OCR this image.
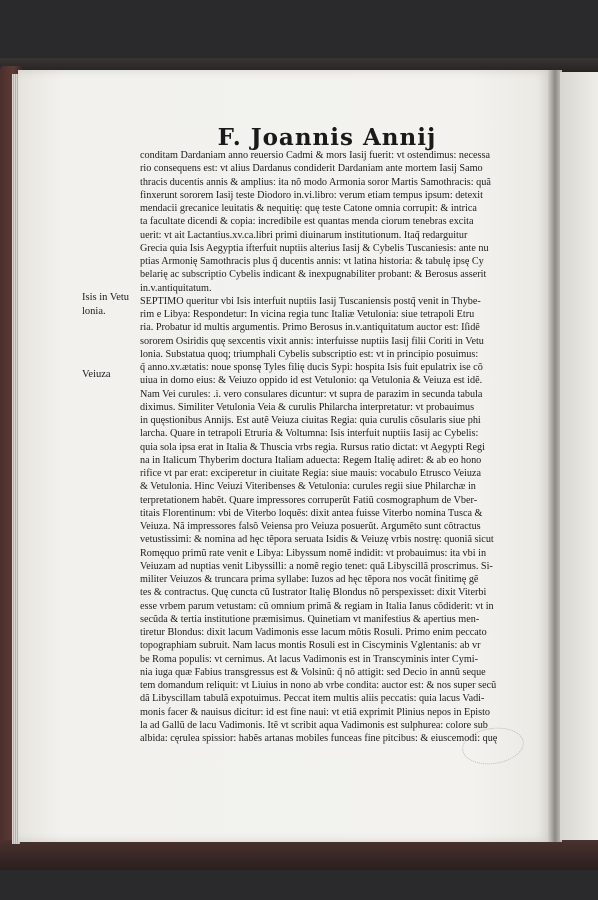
F. Joannis Annij
Isis in Vetu
lonia.
Veiuza
conditam Dardaniam anno reuersio Cadmi & mors Iasij fuerit: vt ostendimus: necessa
rio consequens est: vt alius Dardanus condiderit Dardaniam ante mortem Iasij Samo
thracis ducentis annis & ampliusː ita nõ modo Armonia soror Martis Samothracis: quã
finxerunt sororem Iasij teste Diodoro in.vi.libro: verum etiam tempus ipsum: detexit
mendacii grecanice leuitatis & nequitię: quę teste Catone omnia corrupit: & intrica
ta facultate dicendi & copia: incredibile est quantas menda ciorum tenebras excita
uerit: vt ait Lactantius.xv.ca.libri primi diuinarum institutionum. Itaq̃ redarguitur
Grecia quia Isis Aegyptia ifterfuit nuptiis alterius Iasij & Cybelis Tuscaniesis: ante nu
ptias Armonię Samothracis plus q̃ ducentis annis: vt latina historia: & tabulę ipsę Cy
belarię ac subscriptio Cybelis indicant & inexpugnabiliter probant: & Berosus asserit
in.v.antiquitatum.
SEPTIMO queritur vbi Isis interfuit nuptiis Iasij Tuscaniensis postq̃ venit in Thybe-
rim e Libya: Respondetur: In vicina regia tunc Italiæ Vetulonia: siue tetrapoli Etru
ria. Probatur id multis argumentis. Primo Berosus in.v.antiquitatum auctor est: Iſidẽ
sororem Osiridis quę sexcentis vixit annis: interfuisse nuptiis Iasij filii Coriti in Vetu
lonia. Substatua quoq; triumphali Cybelis subscriptio est: vt in principio posuimus:
q̃ anno.xv.ætatis: noue sponsę Tyles filię ducis Sypi: hospita Isis fuit epulatrix ise cõ
uiua in domo eius: & Veiuzo oppido id est Vetulonio: qa Vetulonia & Veiuza est idẽ.
Nam Vei curules: .i. vero consulares dicuntur: vt supra de parazim in secunda tabula
diximus. Similiter Vetulonia Veia & curulis Philarcha interpretatur: vt probauimus
in quęstionibus Annijs. Est autẽ Veiuza ciuitas Regia: quia curulis cõsularis siue phi
larcha. Quare in tetrapoli Etruria & Voltumna: Isis interfuit nuptiis Iasij ac Cybelis:
quia sola ipsa erat in Italia & Thuscia vrbs regia. Rursus ratio dictat: vt Aegypti Regi
na in Italicum Thyberim doctura Italiam aduecta: Regem Italię adiret: & ab eo hono
rifice vt par erat: exciperetur in ciuitate Regia: siue mauis: vocabulo Etrusco Veiuza
& Vetulonia. Hinc Veiuzi Viteribenses & Vetulonia: curules regii siue Philarchæ in
terpretationem habẽt. Quare impressores corruperũt Fatiũ cosmographum de Vber-
titais Florentinum: vbi de Viterbo loquẽs: dixit antea fuisse Viterbo nomina Tusca &
Veiuza. Nã impressores falsõ Veiensa pro Veiuza posuerũt. Argumẽto sunt cõtractus
vetustissimi: & nomina ad hęc tẽpora seruata Isidis & Veiuzę vrbis nostrę: quoniã sicut
Romęquo primũ rate venit e Libya: Libyssum nomẽ indidit: vt probauimus: ita vbi in
Veiuzam ad nuptias venit Libyssilli: a nomẽ regio tenet: quã Libyscillã proscrimus. Si-
militer Veiuzos & truncara prima syllabe: Iuzos ad hęc tẽpora nos vocãt finitimę gẽ
tes & contractus. Quę cuncta cũ Iustrator Italię Blondus nõ perspexisset: dixit Viterbi
esse vrbem parum vetustam: cũ omnium primã & regiam in Italia Ianus cõdiderit: vt in
secũda & tertia institutione præmisimus. Quinetiam vt manifestius & apertius men-
tiretur Blondus: dixit lacum Vadimonis esse lacum mõtis Rosuli. Primo enim peccato
topographiam subruit. Nam lacus montis Rosuli est in Ciscyminis Vglentanis: ab vr
be Roma populis: vt cernimus. At lacus Vadimonis est in Transcyminis inter Cymi-
nia iuga quæ Fabius transgressus est & Volsinũ: q̃ nõ attigit: sed Decio in annũ seque
tem domandum reliquit: vt Liuius in nono ab vrbe condita: auctor est: & nos super secũ
dã Libyscillam tabulã expotuimus. Peccat item multis aliis peccatis: quia lacus Vadi-
monis facer & nauisus dicitur: id est fine naui: vt etiã exprimit Plinius nepos in Episto
la ad Gallũ de lacu Vadimonis. Itẽ vt scribit aqua Vadimonis est sulphurea: colore sub
albida: cęrulea spissior: habẽs artanas mobiles funceas fine pitcibus: & eiuscemodi: quę
